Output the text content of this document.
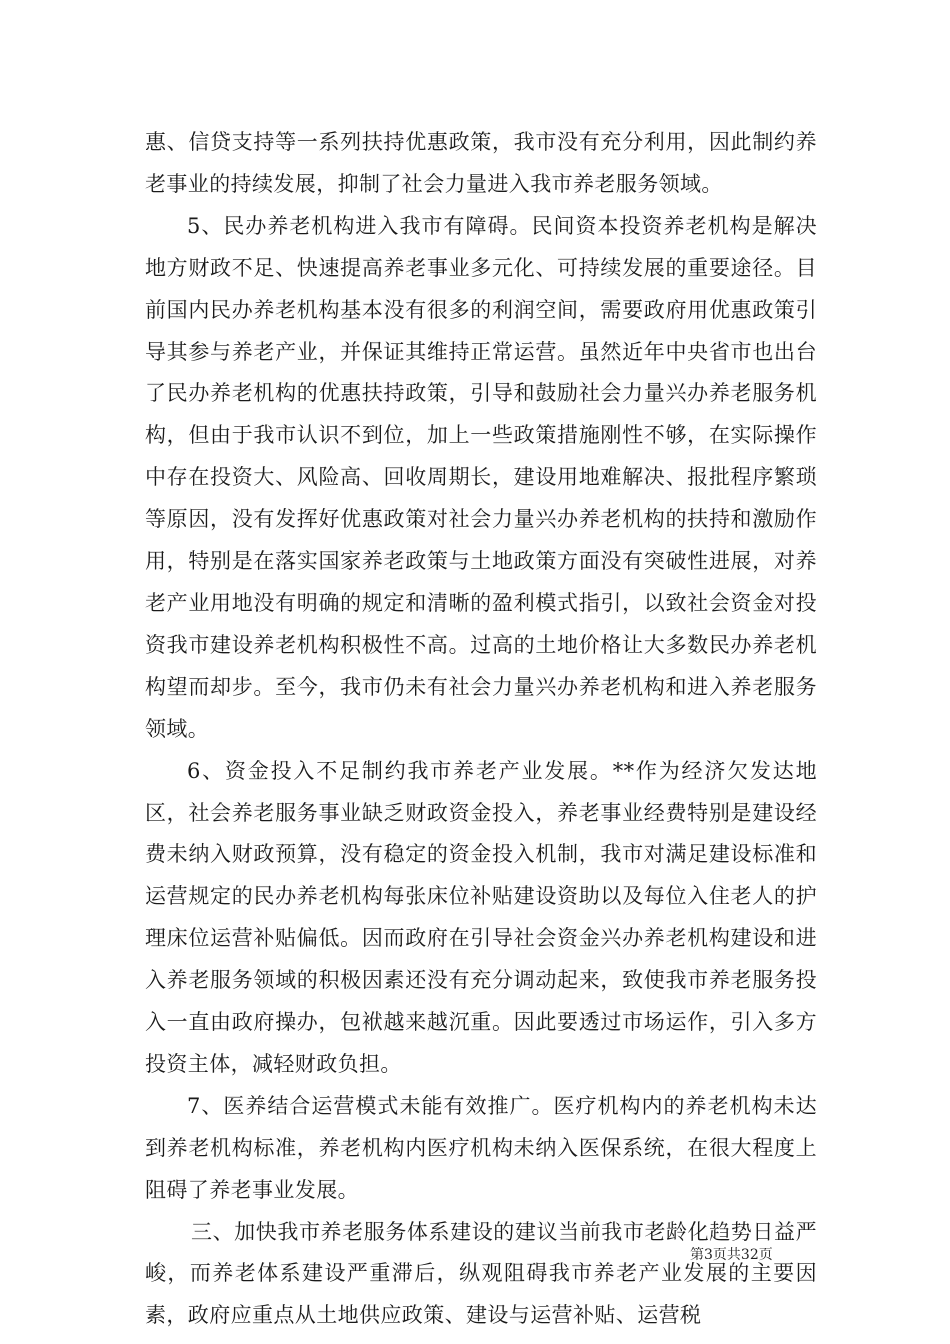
惠、信贷支持等一系列扶持优惠政策，我市没有充分利用，因此制约养老事业的持续发展，抑制了社会力量进入我市养老服务领域。

5、民办养老机构进入我市有障碍。民间资本投资养老机构是解决地方财政不足、快速提高养老事业多元化、可持续发展的重要途径。目前国内民办养老机构基本没有很多的利润空间，需要政府用优惠政策引导其参与养老产业，并保证其维持正常运营。虽然近年中央省市也出台了民办养老机构的优惠扶持政策，引导和鼓励社会力量兴办养老服务机构，但由于我市认识不到位，加上一些政策措施刚性不够，在实际操作中存在投资大、风险高、回收周期长，建设用地难解决、报批程序繁琐等原因，没有发挥好优惠政策对社会力量兴办养老机构的扶持和激励作用，特别是在落实国家养老政策与土地政策方面没有突破性进展，对养老产业用地没有明确的规定和清晰的盈利模式指引，以致社会资金对投资我市建设养老机构积极性不高。过高的土地价格让大多数民办养老机构望而却步。至今，我市仍未有社会力量兴办养老机构和进入养老服务领域。

6、资金投入不足制约我市养老产业发展。**作为经济欠发达地区，社会养老服务事业缺乏财政资金投入，养老事业经费特别是建设经费未纳入财政预算，没有稳定的资金投入机制，我市对满足建设标准和运营规定的民办养老机构每张床位补贴建设资助以及每位入住老人的护理床位运营补贴偏低。因而政府在引导社会资金兴办养老机构建设和进入养老服务领域的积极因素还没有充分调动起来，致使我市养老服务投入一直由政府操办，包袱越来越沉重。因此要透过市场运作，引入多方投资主体，减轻财政负担。

7、医养结合运营模式未能有效推广。医疗机构内的养老机构未达到养老机构标准，养老机构内医疗机构未纳入医保系统，在很大程度上阻碍了养老事业发展。

三、加快我市养老服务体系建设的建议当前我市老龄化趋势日益严峻，而养老体系建设严重滞后，纵观阻碍我市养老产业发展的主要因素，政府应重点从土地供应政策、建设与运营补贴、运营税

第3页共32页
